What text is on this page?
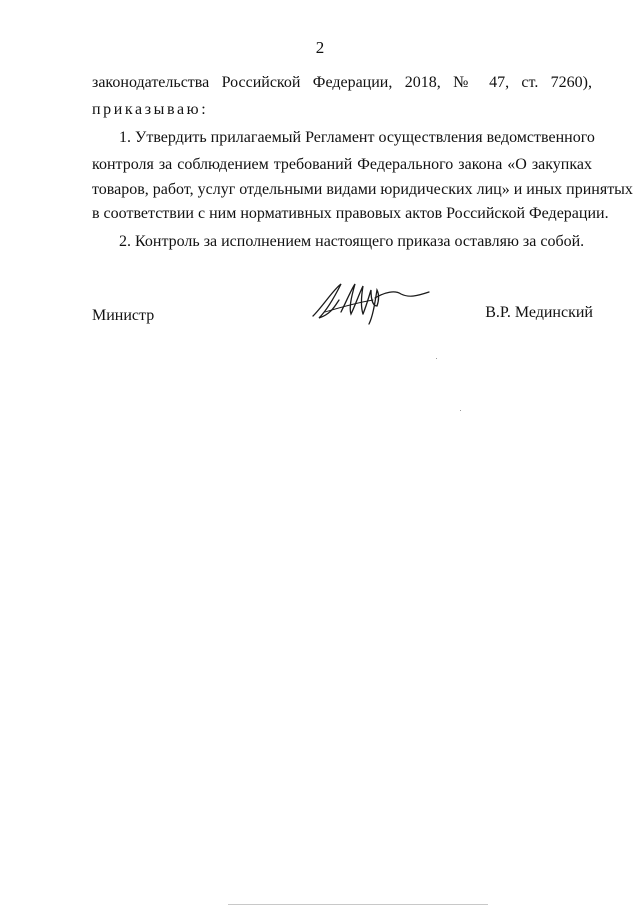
2
законодательства Российской Федерации, 2018, № 47, ст. 7260),
приказываю:
1. Утвердить прилагаемый Регламент осуществления ведомственного
контроля за соблюдением требований Федерального закона «О закупках
товаров, работ, услуг отдельными видами юридических лиц» и иных принятых
в соответствии с ним нормативных правовых актов Российской Федерации.
2. Контроль за исполнением настоящего приказа оставляю за собой.
Министр	В.Р. Мединский
